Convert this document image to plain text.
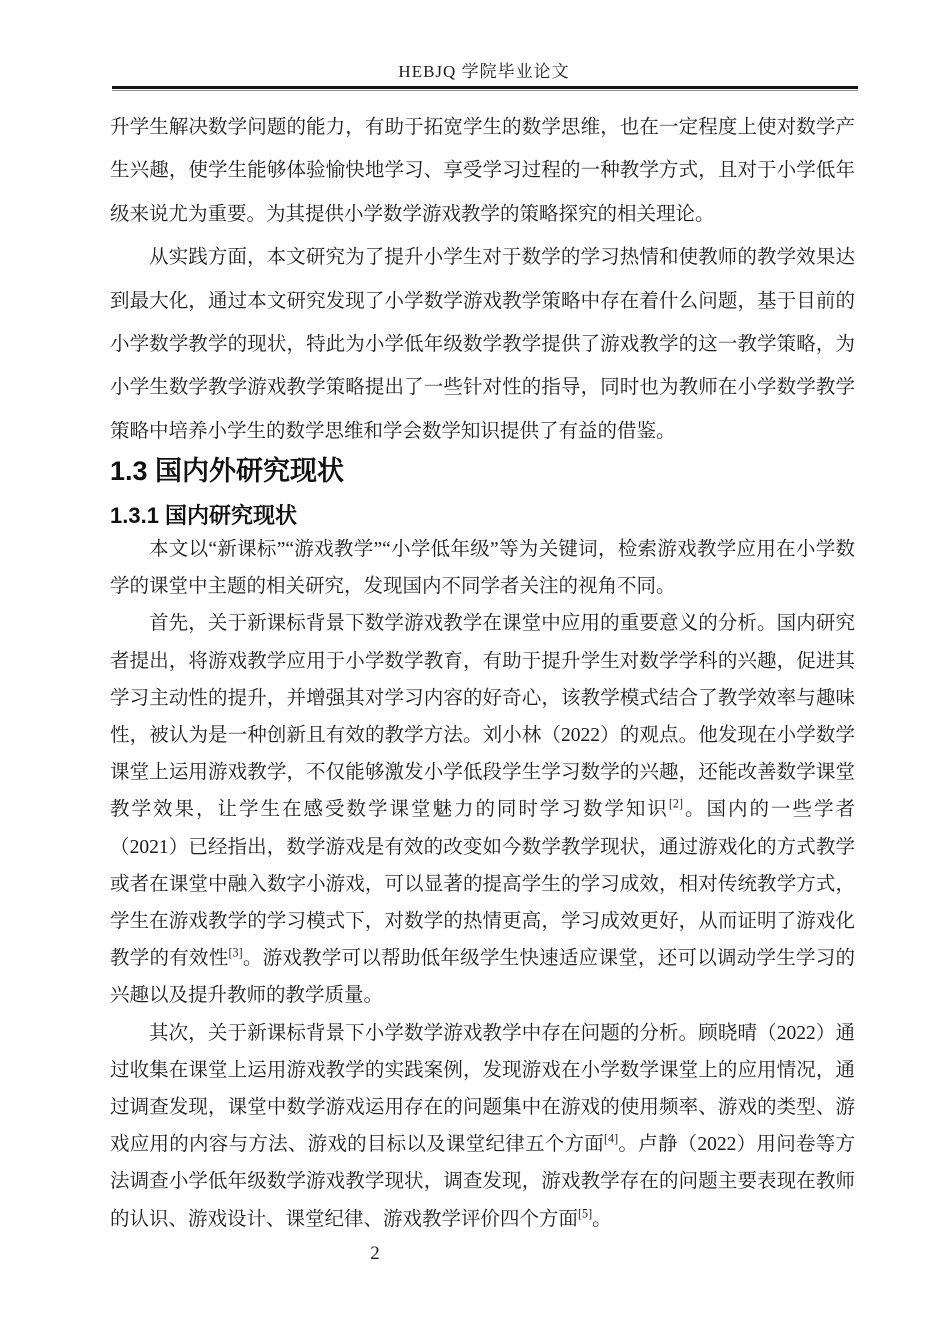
HEBJQ 学院毕业论文

升学生解决数学问题的能力，有助于拓宽学生的数学思维，也在一定程度上使对数学产生兴趣，使学生能够体验愉快地学习、享受学习过程的一种教学方式，且对于小学低年级来说尤为重要。为其提供小学数学游戏教学的策略探究的相关理论。

从实践方面，本文研究为了提升小学生对于数学的学习热情和使教师的教学效果达到最大化，通过本文研究发现了小学数学游戏教学策略中存在着什么问题，基于目前的小学数学教学的现状，特此为小学低年级数学教学提供了游戏教学的这一教学策略，为小学生数学教学游戏教学策略提出了一些针对性的指导，同时也为教师在小学数学教学策略中培养小学生的数学思维和学会数学知识提供了有益的借鉴。

1.3 国内外研究现状
1.3.1 国内研究现状

本文以“新课标”“游戏教学”“小学低年级”等为关键词，检索游戏教学应用在小学数学的课堂中主题的相关研究，发现国内不同学者关注的视角不同。

首先，关于新课标背景下数学游戏教学在课堂中应用的重要意义的分析。国内研究者提出，将游戏教学应用于小学数学教育，有助于提升学生对数学学科的兴趣，促进其学习主动性的提升，并增强其对学习内容的好奇心，该教学模式结合了教学效率与趣味性，被认为是一种创新且有效的教学方法。刘小林（2022）的观点。他发现在小学数学课堂上运用游戏教学，不仅能够激发小学低段学生学习数学的兴趣，还能改善数学课堂教学效果，让学生在感受数学课堂魅力的同时学习数学知识[2]。国内的一些学者（2021）已经指出，数学游戏是有效的改变如今数学教学现状，通过游戏化的方式教学或者在课堂中融入数字小游戏，可以显著的提高学生的学习成效，相对传统教学方式，学生在游戏教学的学习模式下，对数学的热情更高，学习成效更好，从而证明了游戏化教学的有效性[3]。游戏教学可以帮助低年级学生快速适应课堂，还可以调动学生学习的兴趣以及提升教师的教学质量。

其次，关于新课标背景下小学数学游戏教学中存在问题的分析。顾晓晴（2022）通过收集在课堂上运用游戏教学的实践案例，发现游戏在小学数学课堂上的应用情况，通过调查发现，课堂中数学游戏运用存在的问题集中在游戏的使用频率、游戏的类型、游戏应用的内容与方法、游戏的目标以及课堂纪律五个方面[4]。卢静（2022）用问卷等方法调查小学低年级数学游戏教学现状，调查发现，游戏教学存在的问题主要表现在教师的认识、游戏设计、课堂纪律、游戏教学评价四个方面[5]。

2
